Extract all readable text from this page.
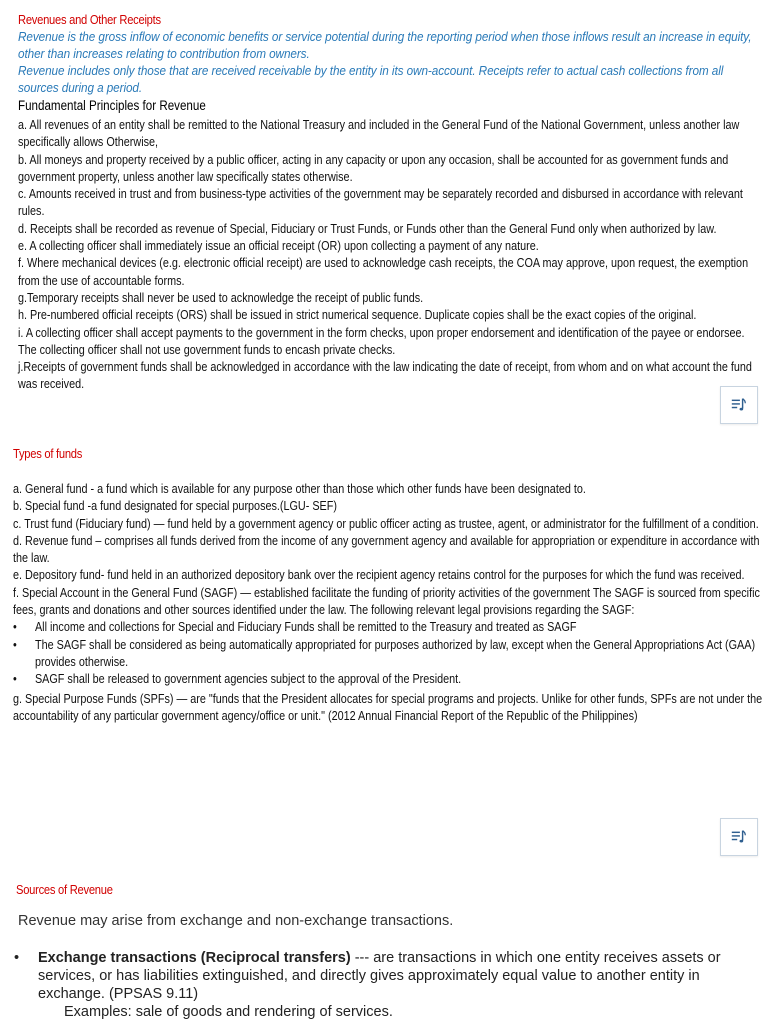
Revenues and Other Receipts

Revenue is the gross inflow of economic benefits or service potential during the reporting period when those inflows result an increase in equity, other than increases relating to contribution from owners.

Revenue includes only those that are received receivable by the entity in its own-account. Receipts refer to actual cash collections from all sources during a period.

Fundamental Principles for Revenue

a. All revenues of an entity shall be remitted to the National Treasury and included in the General Fund of the National Government, unless another law specifically allows Otherwise,

b. All moneys and property received by a public officer, acting in any capacity or upon any occasion, shall be accounted for as government funds and government property, unless another law specifically states otherwise.

c. Amounts received in trust and from business-type activities of the government may be separately recorded and disbursed in accordance with relevant rules.

d. Receipts shall be recorded as revenue of Special, Fiduciary or Trust Funds, or Funds other than the General Fund only when authorized by law.

e. A collecting officer shall immediately issue an official receipt (OR) upon collecting a payment of any nature.

f. Where mechanical devices (e.g. electronic official receipt) are used to acknowledge cash receipts, the COA may approve, upon request, the exemption from the use of accountable forms.

g.Temporary receipts shall never be used to acknowledge the receipt of public funds.

h. Pre-numbered official receipts (ORS) shall be issued in strict numerical sequence. Duplicate copies shall be the exact copies of the original.

i. A collecting officer shall accept payments to the government in the form checks, upon proper endorsement and identification of the payee or endorsee. The collecting officer shall not use government funds to encash private checks.

j.Receipts of government funds shall be acknowledged in accordance with the law indicating the date of receipt, from whom and on what account the fund was received.

Types of funds

a. General fund - a fund which is available for any purpose other than those which other funds have been designated to.

b. Special fund -a fund designated for special purposes.(LGU- SEF)

c. Trust fund (Fiduciary fund) — fund held by a government agency or public officer acting as trustee, agent, or administrator for the fulfillment of a condition.

d. Revenue fund – comprises all funds derived from the income of any government agency and available for appropriation or expenditure in accordance with the law.

e. Depository fund- fund held in an authorized depository bank over the recipient agency retains control for the purposes for which the fund was received.

f. Special Account in the General Fund (SAGF) — established facilitate the funding of priority activities of the government The SAGF is sourced from specific fees, grants and donations and other sources identified under the law. The following relevant legal provisions regarding the SAGF:

• All income and collections for Special and Fiduciary Funds shall be remitted to the Treasury and treated as SAGF
• The SAGF shall be considered as being automatically appropriated for purposes authorized by law, except when the General Appropriations Act (GAA) provides otherwise.
• SAGF shall be released to government agencies subject to the approval of the President.

g. Special Purpose Funds (SPFs) — are "funds that the President allocates for special programs and projects. Unlike for other funds, SPFs are not under the accountability of any particular government agency/office or unit." (2012 Annual Financial Report of the Republic of the Philippines)

Sources of Revenue
Revenue may arise from exchange and non-exchange transactions.
• Exchange transactions (Reciprocal transfers) --- are transactions in which one entity receives assets or services, or has liabilities extinguished, and directly gives approximately equal value to another entity in exchange. (PPSAS 9.11)
Examples: sale of goods and rendering of services.
